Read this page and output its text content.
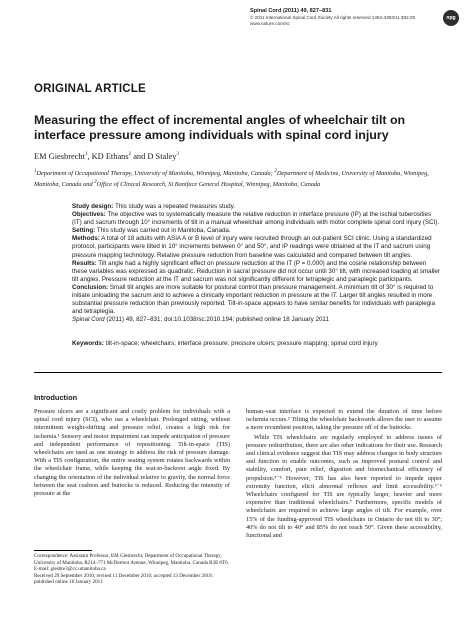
Spinal Cord (2011) 49, 827–831
© 2011 International Spinal Cord Society All rights reserved 1362-4393/11 $32.00
www.nature.com/sc
npg
ORIGINAL ARTICLE
Measuring the effect of incremental angles of wheelchair tilt on interface pressure among individuals with spinal cord injury
EM Giesbrecht$^1$, KD Ethans$^2$ and D Staley$^3$
$^1$Department of Occupational Therapy, University of Manitoba, Winnipeg, Manitoba, Canada; $^2$Department of Medicine, University of Manitoba, Winnipeg, Manitoba, Canada and $^3$Office of Clinical Research, St Boniface General Hospital, Winnipeg, Manitoba, Canada

Study design: This study was a repeated measures study.

Objectives: The objective was to systematically measure the relative reduction in interface pressure (IP) at the ischial tuberosities (IT) and sacrum through 10° increments of tilt in a manual wheelchair among individuals with motor complete spinal cord injury (SCI).

Setting: This study was carried out in Manitoba, Canada.

Methods: A total of 18 adults with ASIA A or B level of injury were recruited through an out-patient SCI clinic. Using a standardized protocol, participants were tilted in 10° increments between 0° and 50°, and IP readings were obtained at the IT and sacrum using pressure mapping technology. Relative pressure reduction from baseline was calculated and compared between tilt angles.

Results: Tilt angle had a highly significant effect on pressure reduction at the IT (P = 0.000) and the cosine relationship between these variables was expressed as quadratic. Reduction in sacral pressure did not occur until 30° tilt, with increased loading at smaller tilt angles. Pressure reduction at the IT and sacrum was not significantly different for tetraplegic and paraplegic participants.

Conclusion: Small tilt angles are more suitable for postural control than pressure management. A minimum tilt of 30° is required to initiate unloading the sacrum and to achieve a clinically important reduction in pressure at the IT. Larger tilt angles resulted in more substantial pressure reduction than previously reported. Tilt-in-space appears to have similar benefits for individuals with paraplegia and tetraplegia.

Spinal Cord (2011) 49, 827–831; doi:10.1038/sc.2010.194; published online 18 January 2011

Keywords: tilt-in-space; wheelchairs; interface pressure; pressure ulcers; pressure mapping; spinal cord injury
Introduction

Pressure ulcers are a significant and costly problem for individuals with a spinal cord injury (SCI), who use a wheelchair. Prolonged sitting, without intermittent weight-shifting and pressure relief, creates a high risk for ischemia.¹ Sensory and motor impairment can impede anticipation of pressure and independent performance of repositioning. Tilt-in-space (TIS) wheelchairs are used as one strategy to address the risk of pressure damage. With a TIS configuration, the entire seating system rotates backwards within the wheelchair frame, while keeping the seat-to-backrest angle fixed. By changing the orientation of the individual relative to gravity, the normal force between the seat cushion and buttocks is reduced. Reducing the intensity of pressure at the

human–seat interface is expected to extend the duration of time before ischemia occurs.² Tilting the wheelchair backwards allows the user to assume a more recumbent position, taking the pressure off of the buttocks.

While TIS wheelchairs are regularly employed to address issues of pressure redistribution, there are also other indications for their use. Research and clinical evidence suggest that TIS may address changes in body structure and function to enable outcomes, such as improved postural control and stability, comfort, pain relief, digestion and biomechanical efficiency of propulsion.³⁻⁵ However, TIS has also been reported to impede upper extremity function, elicit abnormal reflexes and limit accessibility.³⁻⁶ Wheelchairs configured for TIS are typically larger, heavier and more expensive than traditional wheelchairs.⁷ Furthermore, specific models of wheelchairs are required to achieve large angles of tilt. For example, over 15% of the funding-approved TIS wheelchairs in Ontario do not tilt to 30°; 40% do not tilt to 40° and 85% do not reach 50°. Given these accessibility, functional and

Correspondence: Assistant Professor, EM Giesbrecht, Department of Occupational Therapy, University of Manitoba, R214–771 McDermot Avenue, Winnipeg, Manitoba, Canada R3E 0T6.

E-mail: giesbre3@cc.umanitoba.ca

Received 29 September 2010; revised 11 December 2010; accepted 13 December 2010; published online 18 January 2011
